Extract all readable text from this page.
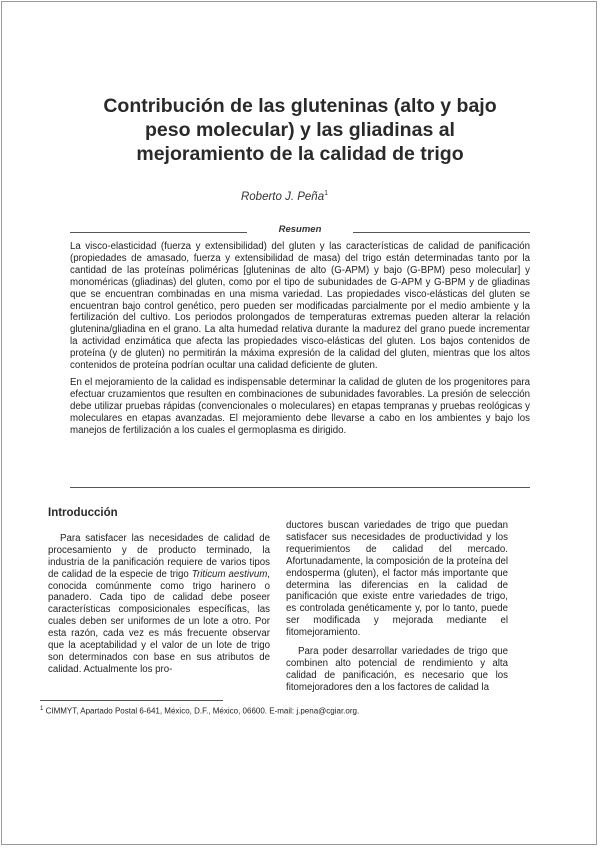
Contribución de las gluteninas (alto y bajo
peso molecular) y las gliadinas al
mejoramiento de la calidad de trigo

Roberto J. Peña$^1$

Resumen

La visco-elasticidad (fuerza y extensibilidad) del gluten y las características de calidad de panificación (propiedades de amasado, fuerza y extensibilidad de masa) del trigo están determinadas tanto por la cantidad de las proteínas poliméricas [gluteninas de alto (G-APM) y bajo (G-BPM) peso molecular] y monoméricas (gliadinas) del gluten, como por el tipo de subunidades de G-APM y G-BPM y de gliadinas que se encuentran combinadas en una misma variedad. Las propiedades visco-elásticas del gluten se encuentran bajo control genético, pero pueden ser modificadas parcialmente por el medio ambiente y la fertilización del cultivo. Los periodos prolongados de temperaturas extremas pueden alterar la relación glutenina/gliadina en el grano. La alta humedad relativa durante la madurez del grano puede incrementar la actividad enzimática que afecta las propiedades visco-elásticas del gluten. Los bajos contenidos de proteína (y de gluten) no permitirán la máxima expresión de la calidad del gluten, mientras que los altos contenidos de proteína podrían ocultar una calidad deficiente de gluten.

En el mejoramiento de la calidad es indispensable determinar la calidad de gluten de los progenitores para efectuar cruzamientos que resulten en combinaciones de subunidades favorables. La presión de selección debe utilizar pruebas rápidas (convencionales o moleculares) en etapas tempranas y pruebas reológicas y moleculares en etapas avanzadas. El mejoramiento debe llevarse a cabo en los ambientes y bajo los manejos de fertilización a los cuales el germoplasma es dirigido.

Introducción

Para satisfacer las necesidades de calidad de procesamiento y de producto terminado, la industria de la panificación requiere de varios tipos de calidad de la especie de trigo Triticum aestivum, conocida comúnmente como trigo harinero o panadero. Cada tipo de calidad debe poseer características composicionales específicas, las cuales deben ser uniformes de un lote a otro. Por esta razón, cada vez es más frecuente observar que la aceptabilidad y el valor de un lote de trigo son determinados con base en sus atributos de calidad. Actualmente los pro-

ductores buscan variedades de trigo que puedan satisfacer sus necesidades de productividad y los requerimientos de calidad del mercado. Afortunadamente, la composición de la proteína del endosperma (gluten), el factor más importante que determina las diferencias en la calidad de panificación que existe entre variedades de trigo, es controlada genéticamente y, por lo tanto, puede ser modificada y mejorada mediante el fitomejoramiento.

Para poder desarrollar variedades de trigo que combinen alto potencial de rendimiento y alta calidad de panificación, es necesario que los fitomejoradores den a los factores de calidad la

$^1$ CIMMYT, Apartado Postal 6-641, México, D.F., México, 06600. E-mail: j.pena@cgiar.org.
